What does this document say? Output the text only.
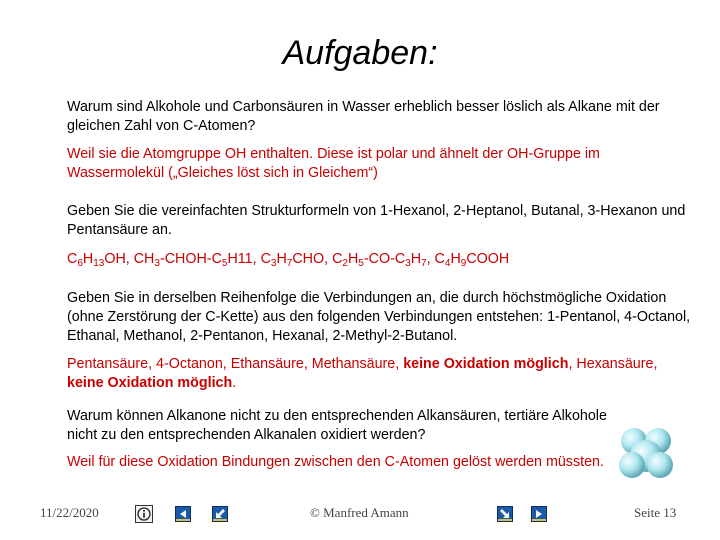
Aufgaben:
Warum sind Alkohole und Carbonsäuren in Wasser erheblich besser löslich als Alkane mit der gleichen Zahl von C-Atomen?
Weil sie die Atomgruppe OH enthalten. Diese ist polar und ähnelt der OH-Gruppe im Wassermolekül („Gleiches löst sich in Gleichem“)
Geben Sie die vereinfachten Strukturformeln von 1-Hexanol, 2-Heptanol, Butanal, 3-Hexanon und Pentansäure an.
$C_6H_{13}OH$, $CH_3-CHOH-C_5H11$, $C_3H_7CHO$, $C_2H_5-CO-C_3H_7$, $C_4H_9COOH$
Geben Sie in derselben Reihenfolge die Verbindungen an, die durch höchstmögliche Oxidation (ohne Zerstörung der C-Kette) aus den folgenden Verbindungen entstehen: 1-Pentanol, 4-Octanol, Ethanal, Methanol, 2-Pentanon, Hexanal, 2-Methyl-2-Butanol.
Pentansäure, 4-Octanon, Ethansäure, Methansäure, keine Oxidation möglich, Hexansäure, keine Oxidation möglich.
Warum können Alkanone nicht zu den entsprechenden Alkansäuren, tertiäre Alkohole nicht zu den entsprechenden Alkanalen oxidiert werden?
Weil für diese Oxidation Bindungen zwischen den C-Atomen gelöst werden müssten.
11/22/2020	© Manfred Amann	Seite 13
